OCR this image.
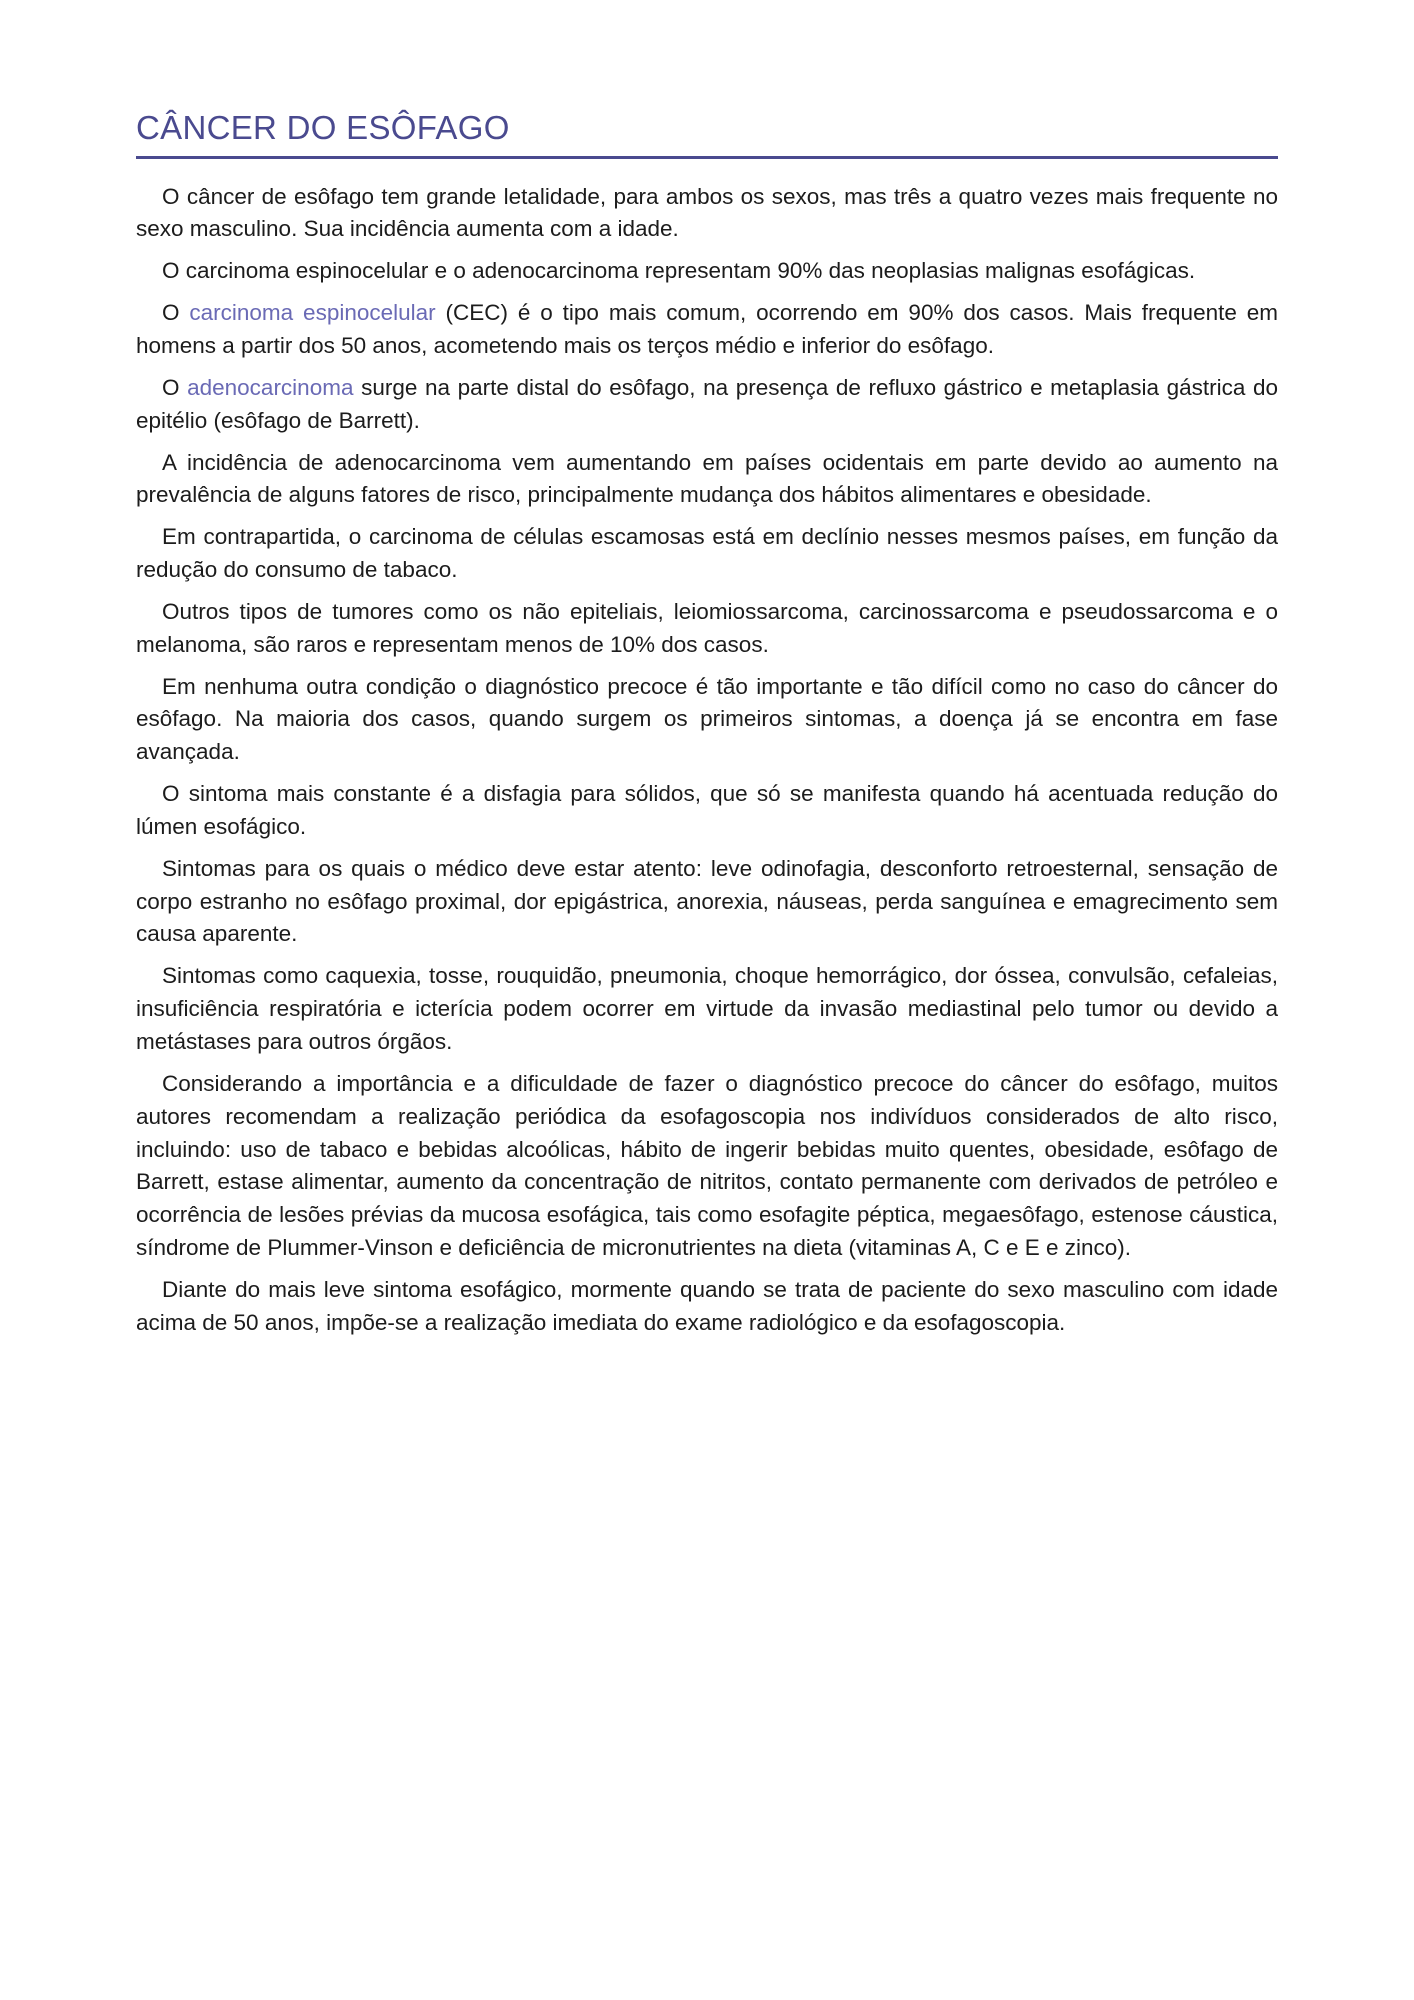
CÂNCER DO ESÔFAGO

O câncer de esôfago tem grande letalidade, para ambos os sexos, mas três a quatro vezes mais frequente no sexo masculino. Sua incidência aumenta com a idade.

O carcinoma espinocelular e o adenocarcinoma representam 90% das neoplasias malignas esofágicas.

O carcinoma espinocelular (CEC) é o tipo mais comum, ocorrendo em 90% dos casos. Mais frequente em homens a partir dos 50 anos, acometendo mais os terços médio e inferior do esôfago.

O adenocarcinoma surge na parte distal do esôfago, na presença de refluxo gástrico e metaplasia gástrica do epitélio (esôfago de Barrett).

A incidência de adenocarcinoma vem aumentando em países ocidentais em parte devido ao aumento na prevalência de alguns fatores de risco, principalmente mudança dos hábitos alimentares e obesidade.

Em contrapartida, o carcinoma de células escamosas está em declínio nesses mesmos países, em função da redução do consumo de tabaco.

Outros tipos de tumores como os não epiteliais, leiomiossarcoma, carcinossarcoma e pseudossarcoma e o melanoma, são raros e representam menos de 10% dos casos.

Em nenhuma outra condição o diagnóstico precoce é tão importante e tão difícil como no caso do câncer do esôfago. Na maioria dos casos, quando surgem os primeiros sintomas, a doença já se encontra em fase avançada.

O sintoma mais constante é a disfagia para sólidos, que só se manifesta quando há acentuada redução do lúmen esofágico.

Sintomas para os quais o médico deve estar atento: leve odinofagia, desconforto retroesternal, sensação de corpo estranho no esôfago proximal, dor epigástrica, anorexia, náuseas, perda sanguínea e emagrecimento sem causa aparente.

Sintomas como caquexia, tosse, rouquidão, pneumonia, choque hemorrágico, dor óssea, convulsão, cefaleias, insuficiência respiratória e icterícia podem ocorrer em virtude da invasão mediastinal pelo tumor ou devido a metástases para outros órgãos.

Considerando a importância e a dificuldade de fazer o diagnóstico precoce do câncer do esôfago, muitos autores recomendam a realização periódica da esofagoscopia nos indivíduos considerados de alto risco, incluindo: uso de tabaco e bebidas alcoólicas, hábito de ingerir bebidas muito quentes, obesidade, esôfago de Barrett, estase alimentar, aumento da concentração de nitritos, contato permanente com derivados de petróleo e ocorrência de lesões prévias da mucosa esofágica, tais como esofagite péptica, megaesôfago, estenose cáustica, síndrome de Plummer-Vinson e deficiência de micronutrientes na dieta (vitaminas A, C e E e zinco).

Diante do mais leve sintoma esofágico, mormente quando se trata de paciente do sexo masculino com idade acima de 50 anos, impõe-se a realização imediata do exame radiológico e da esofagoscopia.
